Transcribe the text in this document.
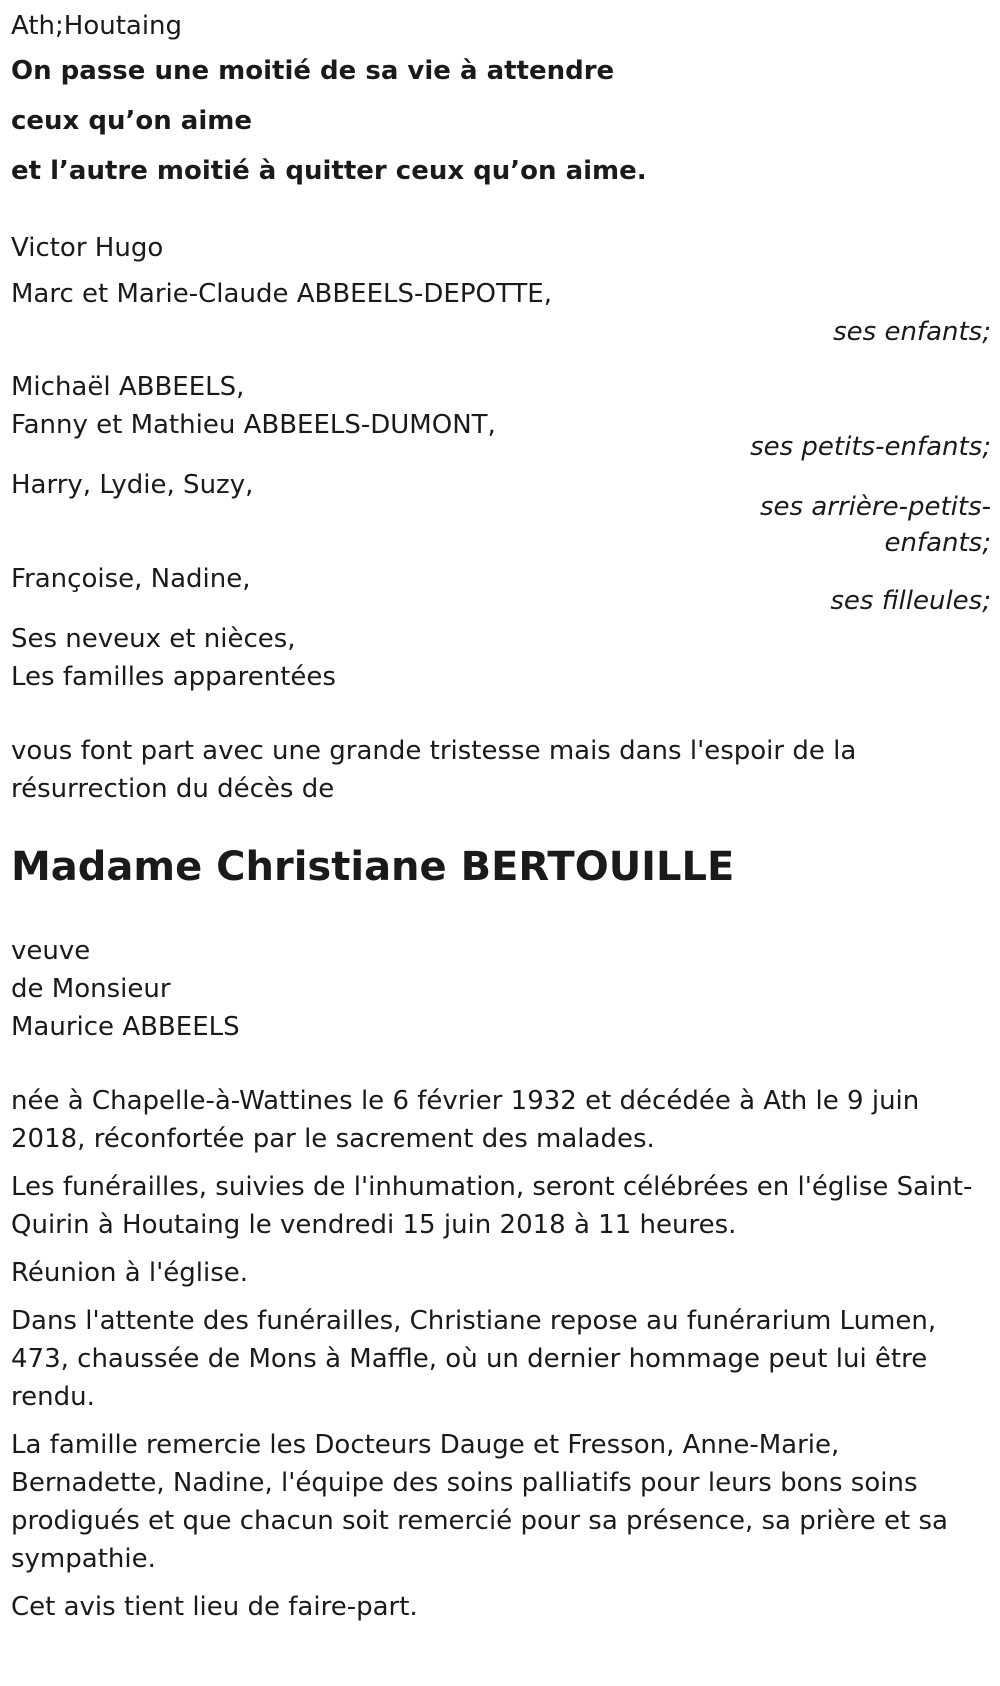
Ath;Houtaing

On passe une moitié de sa vie à attendre

ceux qu’on aime

et l’autre moitié à quitter ceux qu’on aime.

Victor Hugo

Marc et Marie-Claude ABBEELS-DEPOTTE,

ses enfants;

Michaël ABBEELS,

Fanny et Mathieu ABBEELS-DUMONT,

ses petits-enfants;

Harry, Lydie, Suzy,

ses arrière-petits-

enfants;

Françoise, Nadine,

ses filleules;

Ses neveux et nièces,

Les familles apparentées

vous font part avec une grande tristesse mais dans l'espoir de la

résurrection du décès de

Madame Christiane BERTOUILLE

veuve

de Monsieur

Maurice ABBEELS

née à Chapelle-à-Wattines le 6 février 1932 et décédée à Ath le 9 juin

2018, réconfortée par le sacrement des malades.

Les funérailles, suivies de l'inhumation, seront célébrées en l'église Saint-

Quirin à Houtaing le vendredi 15 juin 2018 à 11 heures.

Réunion à l'église.

Dans l'attente des funérailles, Christiane repose au funérarium Lumen,

473, chaussée de Mons à Maffle, où un dernier hommage peut lui être

rendu.

La famille remercie les Docteurs Dauge et Fresson, Anne-Marie,

Bernadette, Nadine, l'équipe des soins palliatifs pour leurs bons soins

prodigués et que chacun soit remercié pour sa présence, sa prière et sa

sympathie.

Cet avis tient lieu de faire-part.
